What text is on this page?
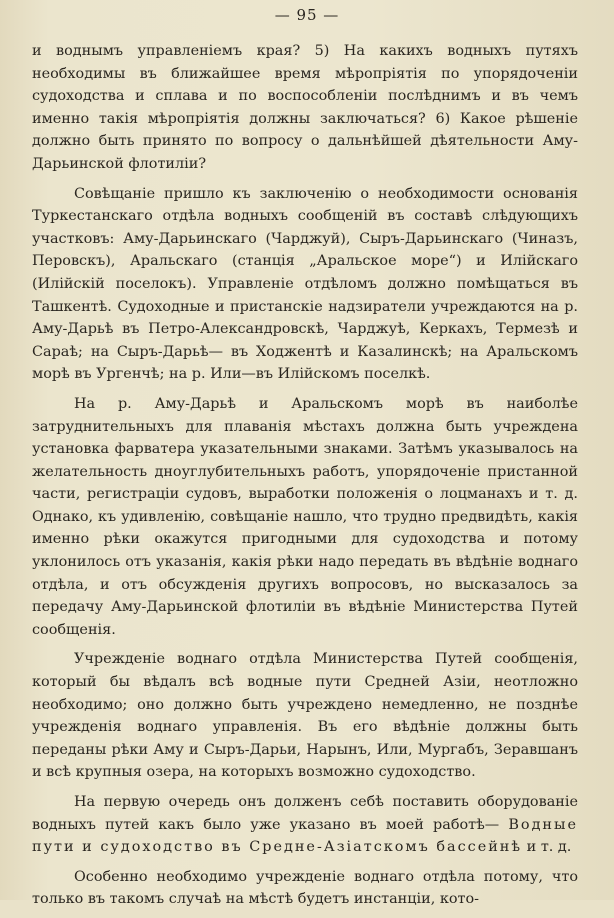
— 95 —

и воднымъ управленіемъ края? 5) На какихъ водныхъ путяхъ необходимы въ ближайшее время мѣропріятія по упорядоченіи судоходства и сплава и по воспособленіи послѣднимъ и въ чемъ именно такія мѣропріятія должны заключаться? 6) Какое рѣшеніе должно быть принято по вопросу о дальнѣйшей дѣятельности Аму-Дарьинской флотиліи?

Совѣщаніе пришло къ заключенію о необходимости основанія Туркестанскаго отдѣла водныхъ сообщеній въ составѣ слѣдующихъ участковъ: Аму-Дарьинскаго (Чарджуй), Сыръ-Дарьинскаго (Чиназъ, Перовскъ), Аральскаго (станція „Аральское море“) и Илійскаго (Илійскій поселокъ). Управленіе отдѣломъ должно помѣщаться въ Ташкентѣ. Судоходные и пристанскіе надзиратели учреждаются на р. Аму-Дарьѣ въ Петро-Александровскѣ, Чарджуѣ, Керкахъ, Термезѣ и Сараѣ; на Сыръ-Дарьѣ— въ Ходжентѣ и Казалинскѣ; на Аральскомъ морѣ въ Ургенчѣ; на р. Или—въ Илійскомъ поселкѣ.

На р. Аму-Дарьѣ и Аральскомъ морѣ въ наиболѣе затруднительныхъ для плаванія мѣстахъ должна быть учреждена установка фарватера указательными знаками. Затѣмъ указывалось на желательность дноуглубительныхъ работъ, упорядоченіе пристанной части, регистраціи судовъ, выработки положенія о лоцманахъ и т. д. Однако, къ удивленію, совѣщаніе нашло, что трудно предвидѣть, какія именно рѣки окажутся пригодными для судоходства и потому уклонилось отъ указанія, какія рѣки надо передать въ вѣдѣніе воднаго отдѣла, и отъ обсужденія другихъ вопросовъ, но высказалось за передачу Аму-Дарьинской флотиліи въ вѣдѣніе Министерства Путей сообщенія.

Учрежденіе воднаго отдѣла Министерства Путей сообщенія, который бы вѣдалъ всѣ водные пути Средней Азіи, неотложно необходимо; оно должно быть учреждено немедленно, не позднѣе учрежденія воднаго управленія. Въ его вѣдѣніе должны быть переданы рѣки Аму и Сыръ-Дарьи, Нарынъ, Или, Мургабъ, Зеравшанъ и всѣ крупныя озера, на которыхъ возможно судоходство.

На первую очередь онъ долженъ себѣ поставить оборудованіе водныхъ путей какъ было уже указано въ моей работѣ— Водные пути и судоходство въ Средне-Азіатскомъ бассейнѣ и т. д.

Особенно необходимо учрежденіе воднаго отдѣла потому, что только въ такомъ случаѣ на мѣстѣ будетъ инстанціи, кото-
